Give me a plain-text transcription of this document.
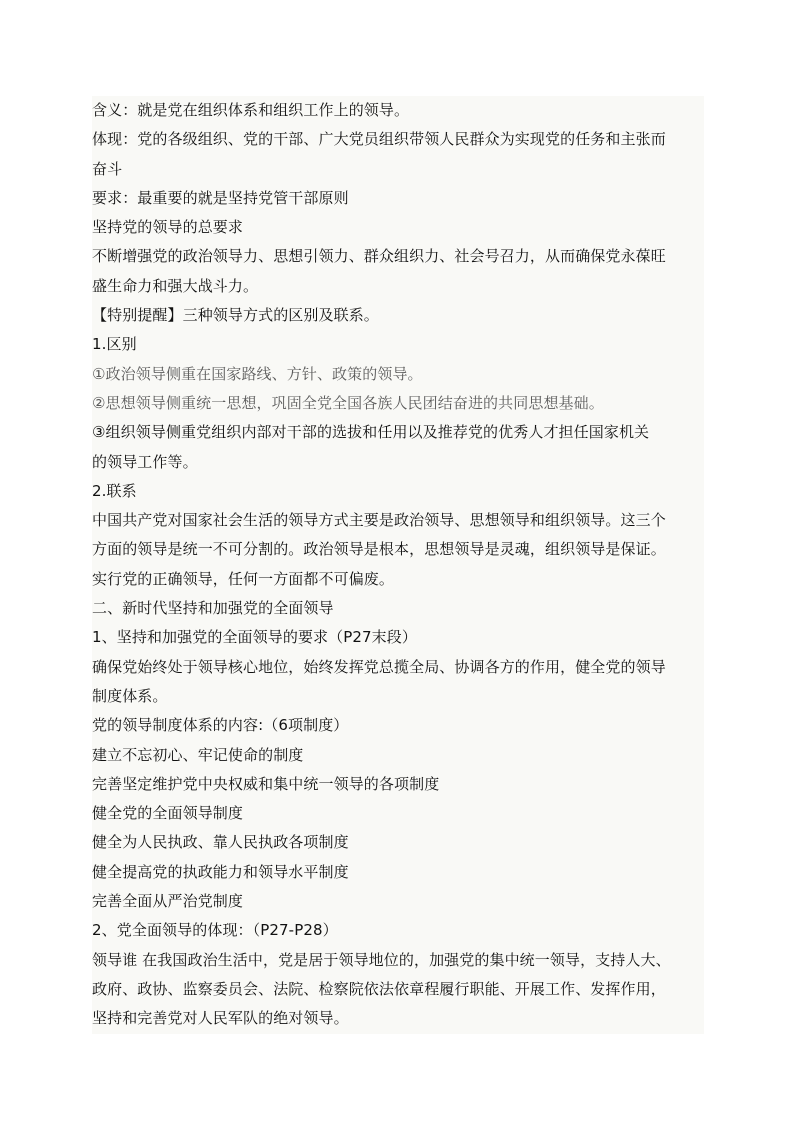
含义：就是党在组织体系和组织工作上的领导。
体现：党的各级组织、党的干部、广大党员组织带领人民群众为实现党的任务和主张而
奋斗
要求：最重要的就是坚持党管干部原则
坚持党的领导的总要求
不断增强党的政治领导力、思想引领力、群众组织力、社会号召力，从而确保党永葆旺
盛生命力和强大战斗力。
【特别提醒】三种领导方式的区别及联系。
1.区别
①政治领导侧重在国家路线、方针、政策的领导。
②思想领导侧重统一思想，巩固全党全国各族人民团结奋进的共同思想基础。
③组织领导侧重党组织内部对干部的选拔和任用以及推荐党的优秀人才担任国家机关
的领导工作等。
2.联系
中国共产党对国家社会生活的领导方式主要是政治领导、思想领导和组织领导。这三个
方面的领导是统一不可分割的。政治领导是根本，思想领导是灵魂，组织领导是保证。
实行党的正确领导，任何一方面都不可偏废。
二、新时代坚持和加强党的全面领导
1、坚持和加强党的全面领导的要求（P27末段）
确保党始终处于领导核心地位，始终发挥党总揽全局、协调各方的作用，健全党的领导
制度体系。
党的领导制度体系的内容:（6项制度）
建立不忘初心、牢记使命的制度
完善坚定维护党中央权威和集中统一领导的各项制度
健全党的全面领导制度
健全为人民执政、靠人民执政各项制度
健全提高党的执政能力和领导水平制度
完善全面从严治党制度
2、党全面领导的体现：（P27-P28）
领导谁 在我国政治生活中，党是居于领导地位的，加强党的集中统一领导，支持人大、
政府、政协、监察委员会、法院、检察院依法依章程履行职能、开展工作、发挥作用，
坚持和完善党对人民军队的绝对领导。
